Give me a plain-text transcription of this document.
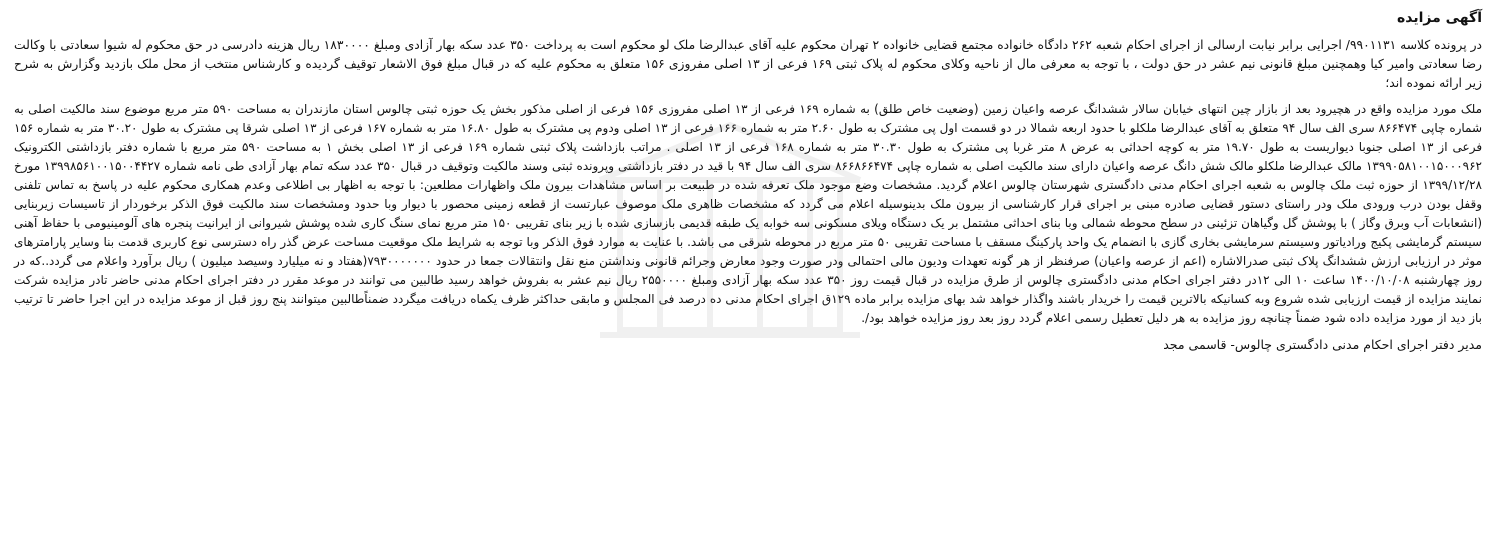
آگهی مزایده

در پرونده کلاسه ۹۹۰۱۱۳۱/ اجرایی برابر نیابت ارسالی از اجرای احکام شعبه ۲۶۲ دادگاه خانواده مجتمع قضایی خانواده ۲ تهران محکوم علیه آقای عبدالرضا ملک لو محکوم است به پرداخت ۳۵۰ عدد سکه بهار آزادی ومبلغ ۱۸۳۰۰۰۰ ریال هزینه دادرسی در حق محکوم له شیوا سعادتی با وکالت رضا سعادتی وامیر کیا وهمچنین مبلغ قانونی نیم عشر در حق دولت ، با توجه به معرفی مال از ناحیه وکلای محکوم له پلاک ثبتی ۱۶۹ فرعی از ۱۳ اصلی مفروزی ۱۵۶ متعلق به محکوم علیه که در قبال مبلغ فوق الاشعار توقیف گردیده و کارشناس منتخب از محل ملک بازدید وگزارش به شرح زیر ارائه نموده اند؛

ملک مورد مزایده واقع در هچیرود بعد از بازار چین انتهای خیابان سالار ششدانگ عرصه واعیان زمین (وضعیت خاص طلق) به شماره ۱۶۹ فرعی از ۱۳ اصلی مفروزی ۱۵۶ فرعی از اصلی مذکور بخش یک حوزه ثبتی چالوس استان مازندران به مساحت ۵۹۰ متر مربع موضوع سند مالکیت اصلی به شماره چاپی ۸۶۶۴۷۴ سری الف سال ۹۴ متعلق به آقای عبدالرضا ملکلو با حدود اربعه شمالا در دو قسمت اول پی مشترک به طول ۲.۶۰ متر به شماره ۱۶۶ فرعی از ۱۳ اصلی ودوم پی مشترک به طول ۱۶.۸۰ متر به شماره ۱۶۷ فرعی از ۱۳ اصلی شرقا پی مشترک به طول ۳۰.۲۰ متر به شماره ۱۵۶ فرعی از ۱۳ اصلی جنوبا دیواریست به طول ۱۹.۷۰ متر به کوچه احداثی به عرض ۸ متر غربا پی مشترک به طول ۳۰.۳۰ متر به شماره ۱۶۸ فرعی از ۱۳ اصلی . مراتب بازداشت پلاک ثبتی شماره ۱۶۹ فرعی از ۱۳ اصلی بخش ۱ به مساحت ۵۹۰ متر مربع با شماره دفتر بازداشتی الکترونیک ۱۳۹۹۰۵۸۱۰۰۱۵۰۰۰۹۶۲ مالک عبدالرضا ملکلو مالک شش دانگ عرصه واعیان دارای سند مالکیت اصلی به شماره چاپی ۸۶۶۸۶۶۴۷۴ سری الف سال ۹۴ با قید در دفتر بازداشتی وپرونده ثبتی وسند مالکیت وتوقیف در قبال ۳۵۰ عدد سکه تمام بهار آزادی طی نامه شماره ۱۳۹۹۸۵۶۱۰۰۱۵۰۰۴۴۲۷ مورخ ۱۳۹۹/۱۲/۲۸ از حوزه ثبت ملک چالوس به شعبه اجرای احکام مدنی دادگستری شهرستان چالوس اعلام گردید. مشخصات وضع موجود ملک تعرفه شده در طبیعت بر اساس مشاهدات بیرون ملک واظهارات مطلعین: با توجه به اظهار بی اطلاعی وعدم همکاری محکوم علیه در پاسخ به تماس تلفنی وقفل بودن درب ورودی ملک ودر راستای دستور قضایی صادره مبنی بر اجرای قرار کارشناسی از بیرون ملک بدینوسیله اعلام می گردد که مشخصات ظاهری ملک موصوف عبارتست از قطعه زمینی محصور با دیوار وبا حدود ومشخصات سند مالکیت فوق الذکر برخوردار از تاسیسات زیربنایی (انشعابات آب وبرق وگاز ) با پوشش گل وگیاهان تزئینی در سطح محوطه شمالی وبا بنای احداثی مشتمل بر یک دستگاه ویلای مسکونی سه خوابه یک طبقه قدیمی بازسازی شده با زیر بنای تقریبی ۱۵۰ متر مربع نمای سنگ کاری شده پوشش شیروانی از ایرانیت پنجره های آلومینیومی با حفاظ آهنی سیستم گرمایشی پکیج ورادیاتور وسیستم سرمایشی بخاری گازی با انضمام یک واحد پارکینگ مسقف با مساحت تقریبی ۵۰ متر مربع در محوطه شرقی می باشد. با عنایت به موارد فوق الذکر وبا توجه به شرایط ملک موقعیت مساحت عرض گذر راه دسترسی نوع کاربری قدمت بنا وسایر پارامترهای موثر در ارزیابی ارزش ششدانگ پلاک ثبتی صدرالاشاره (اعم از عرصه واعیان) صرفنظر از هر گونه تعهدات ودیون مالی احتمالی ودر صورت وجود معارض وجرائم قانونی ونداشتن منع نقل وانتقالات جمعا در حدود ۷۹۳۰۰۰۰۰۰۰(هفتاد و نه میلیارد وسیصد میلیون ) ریال برآورد واعلام می گردد..که در روز چهارشنبه ۱۴۰۰/۱۰/۰۸ ساعت ۱۰ الی ۱۲در دفتر اجرای احکام مدنی دادگستری چالوس از طرق مزایده در قبال قیمت روز ۳۵۰ عدد سکه بهار آزادی ومبلغ ۲۵۵۰۰۰۰ ریال نیم عشر به بفروش خواهد رسید طالبین می توانند در موعد مقرر در دفتر اجرای احکام مدنی حاضر تادر مزایده شرکت نمایند مزایده از قیمت ارزیابی شده شروع وبه کسانیکه بالاترین قیمت را خریدار باشند واگذار خواهد شد بهای مزایده برابر ماده ۱۲۹ق اجرای احکام مدنی ده درصد فی المجلس و مابقی حداکثر ظرف یکماه دریافت میگردد ضمناًطالبین میتوانند پنج روز قبل از موعد مزایده در این اجرا حاضر تا ترتیب باز دید از مورد مزایده داده شود ضمناً چنانچه روز مزایده به هر دلیل تعطیل رسمی اعلام گردد روز بعد روز مزایده خواهد بود/.

مدیر دفتر اجرای احکام مدنی دادگستری چالوس- قاسمی مجد
